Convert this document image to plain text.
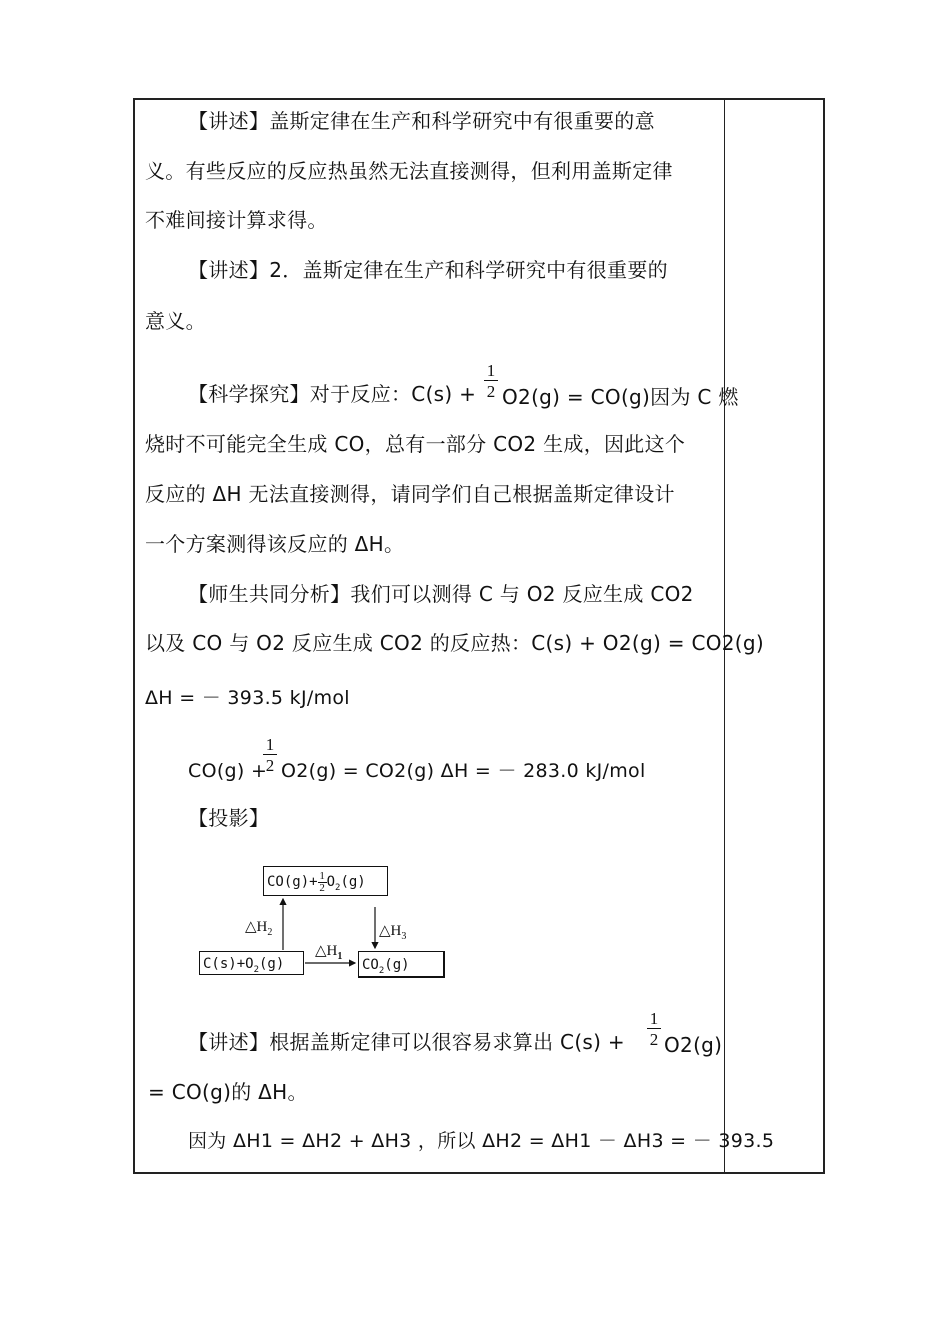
【讲述】盖斯定律在生产和科学研究中有很重要的意
义。有些反应的反应热虽然无法直接测得，但利用盖斯定律
不难间接计算求得。
【讲述】2．盖斯定律在生产和科学研究中有很重要的
意义。
【科学探究】对于反应：$C(s) + \frac{1}{2} O2(g) = CO(g)$因为 C 燃
烧时不可能完全生成 CO，总有一部分 CO2 生成，因此这个
反应的 ΔH 无法直接测得，请同学们自己根据盖斯定律设计
一个方案测得该反应的 ΔH。
【师生共同分析】我们可以测得 C 与 O2 反应生成 CO2
以及 CO 与 O2 反应生成 CO2 的反应热：C(s) + O2(g) = CO2(g)
ΔH = － 393.5 kJ/mol
CO(g) +
$\frac{1}{2} O2(g) = CO2(g) \Delta H$ = － 283.0 kJ/mol
【投影】
$CO(g)+ \frac{1}{2} O_2(g)$
$C(s)+O_2(g)$	$CO_2(g)$
$\triangle H_2$	$\triangle H_3$
$\triangle H_1$
【讲述】根据盖斯定律可以很容易求算出 $C(s) + \frac{1}{2} O2(g)$
= CO(g)的 ΔH。
因为 ΔH1 = ΔH2 + ΔH3 ，所以 ΔH2 = ΔH1 － ΔH3 = － 393.5
